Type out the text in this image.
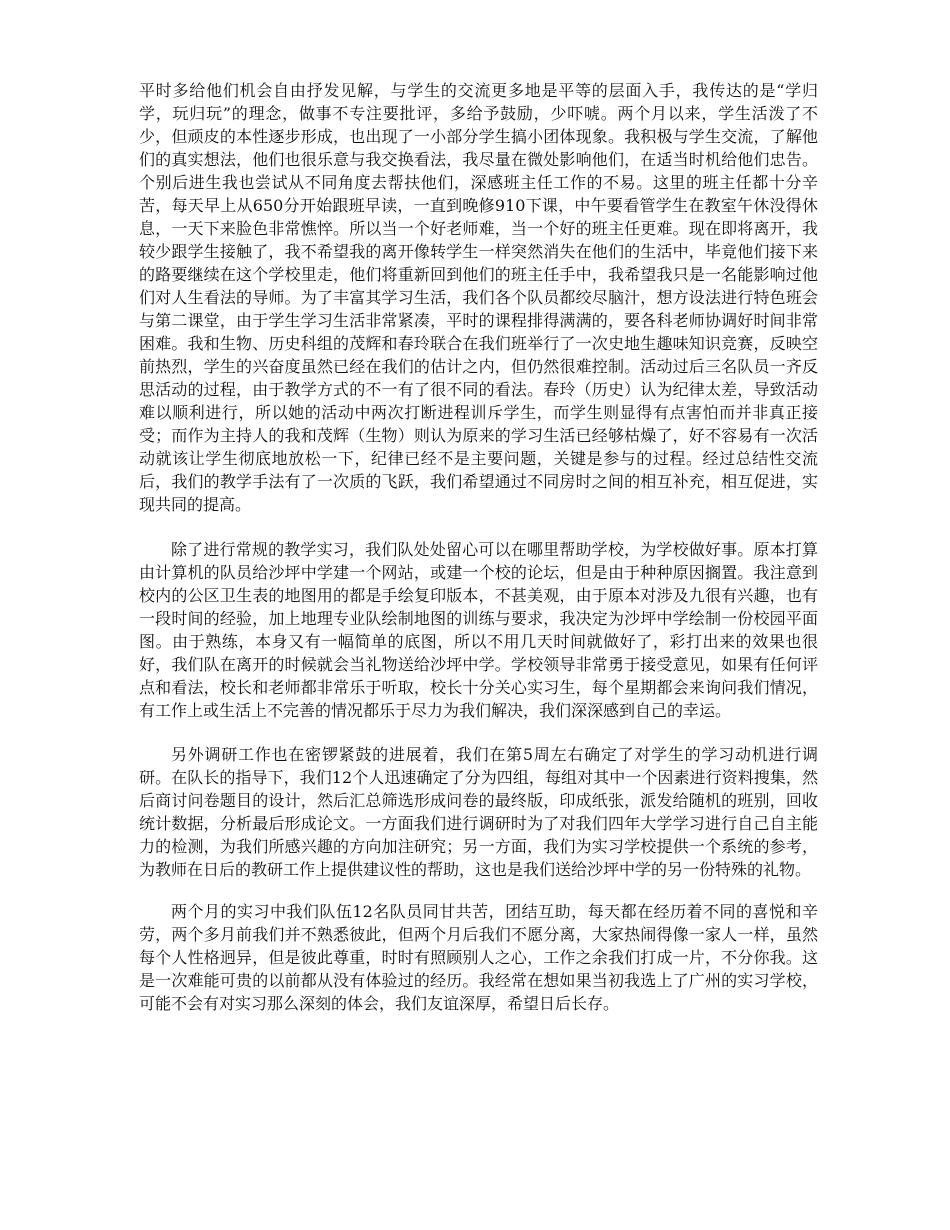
平时多给他们机会自由抒发见解，与学生的交流更多地是平等的层面入手，我传达的是“学归学，玩归玩”的理念，做事不专注要批评，多给予鼓励，少吓唬。两个月以来，学生活泼了不少，但顽皮的本性逐步形成，也出现了一小部分学生搞小团体现象。我积极与学生交流，了解他们的真实想法，他们也很乐意与我交换看法，我尽量在微处影响他们，在适当时机给他们忠告。个别后进生我也尝试从不同角度去帮扶他们，深感班主任工作的不易。这里的班主任都十分辛苦，每天早上从650分开始跟班早读，一直到晚修910下课，中午要看管学生在教室午休没得休息，一天下来脸色非常憔悴。所以当一个好老师难，当一个好的班主任更难。现在即将离开，我较少跟学生接触了，我不希望我的离开像转学生一样突然消失在他们的生活中，毕竟他们接下来的路要继续在这个学校里走，他们将重新回到他们的班主任手中，我希望我只是一名能影响过他们对人生看法的导师。为了丰富其学习生活，我们各个队员都绞尽脑汁，想方设法进行特色班会与第二课堂，由于学生学习生活非常紧凑，平时的课程排得满满的，要各科老师协调好时间非常困难。我和生物、历史科组的茂辉和春玲联合在我们班举行了一次史地生趣味知识竞赛，反映空前热烈，学生的兴奋度虽然已经在我们的估计之内，但仍然很难控制。活动过后三名队员一齐反思活动的过程，由于教学方式的不一有了很不同的看法。春玲（历史）认为纪律太差，导致活动难以顺利进行，所以她的活动中两次打断进程训斥学生，而学生则显得有点害怕而并非真正接受；而作为主持人的我和茂辉（生物）则认为原来的学习生活已经够枯燥了，好不容易有一次活动就该让学生彻底地放松一下，纪律已经不是主要问题，关键是参与的过程。经过总结性交流后，我们的教学手法有了一次质的飞跃，我们希望通过不同房时之间的相互补充，相互促进，实现共同的提高。

除了进行常规的教学实习，我们队处处留心可以在哪里帮助学校，为学校做好事。原本打算由计算机的队员给沙坪中学建一个网站，或建一个校的论坛，但是由于种种原因搁置。我注意到校内的公区卫生表的地图用的都是手绘复印版本，不甚美观，由于原本对涉及九很有兴趣，也有一段时间的经验，加上地理专业队绘制地图的训练与要求，我决定为沙坪中学绘制一份校园平面图。由于熟练，本身又有一幅简单的底图，所以不用几天时间就做好了，彩打出来的效果也很好，我们队在离开的时候就会当礼物送给沙坪中学。学校领导非常勇于接受意见，如果有任何评点和看法，校长和老师都非常乐于听取，校长十分关心实习生，每个星期都会来询问我们情况，有工作上或生活上不完善的情况都乐于尽力为我们解决，我们深深感到自己的幸运。

另外调研工作也在密锣紧鼓的进展着，我们在第5周左右确定了对学生的学习动机进行调研。在队长的指导下，我们12个人迅速确定了分为四组，每组对其中一个因素进行资料搜集，然后商讨问卷题目的设计，然后汇总筛选形成问卷的最终版，印成纸张，派发给随机的班别，回收统计数据，分析最后形成论文。一方面我们进行调研时为了对我们四年大学学习进行自己自主能力的检测，为我们所感兴趣的方向加注研究；另一方面，我们为实习学校提供一个系统的参考，为教师在日后的教研工作上提供建议性的帮助，这也是我们送给沙坪中学的另一份特殊的礼物。

两个月的实习中我们队伍12名队员同甘共苦，团结互助，每天都在经历着不同的喜悦和辛劳，两个多月前我们并不熟悉彼此，但两个月后我们不愿分离，大家热闹得像一家人一样，虽然每个人性格迥异，但是彼此尊重，时时有照顾别人之心，工作之余我们打成一片，不分你我。这是一次难能可贵的以前都从没有体验过的经历。我经常在想如果当初我选上了广州的实习学校，可能不会有对实习那么深刻的体会，我们友谊深厚，希望日后长存。
